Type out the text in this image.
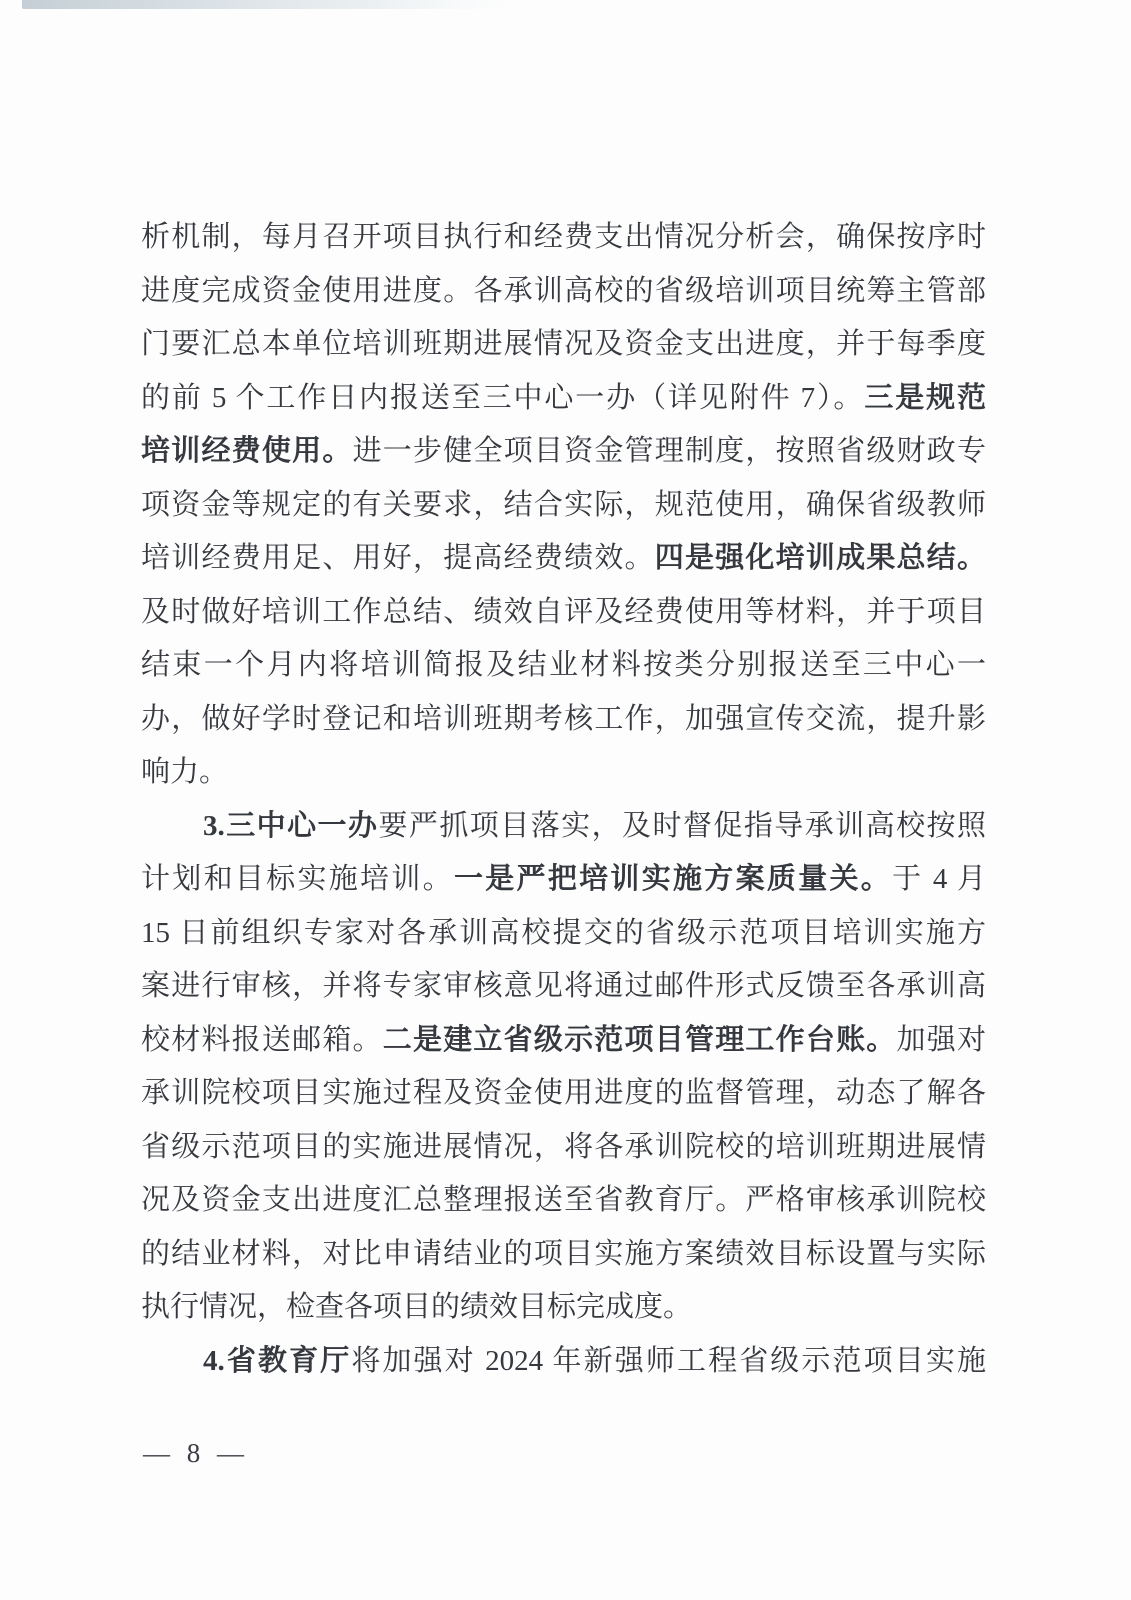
析机制，每月召开项目执行和经费支出情况分析会，确保按序时
进度完成资金使用进度。各承训高校的省级培训项目统筹主管部
门要汇总本单位培训班期进展情况及资金支出进度，并于每季度
的前 5 个工作日内报送至三中心一办（详见附件 7）。三是规范
培训经费使用。进一步健全项目资金管理制度，按照省级财政专
项资金等规定的有关要求，结合实际，规范使用，确保省级教师
培训经费用足、用好，提高经费绩效。四是强化培训成果总结。
及时做好培训工作总结、绩效自评及经费使用等材料，并于项目
结束一个月内将培训简报及结业材料按类分别报送至三中心一
办，做好学时登记和培训班期考核工作，加强宣传交流，提升影
响力。
3.三中心一办要严抓项目落实，及时督促指导承训高校按照
计划和目标实施培训。一是严把培训实施方案质量关。于 4 月
15 日前组织专家对各承训高校提交的省级示范项目培训实施方
案进行审核，并将专家审核意见将通过邮件形式反馈至各承训高
校材料报送邮箱。二是建立省级示范项目管理工作台账。加强对
承训院校项目实施过程及资金使用进度的监督管理，动态了解各
省级示范项目的实施进展情况，将各承训院校的培训班期进展情
况及资金支出进度汇总整理报送至省教育厅。严格审核承训院校
的结业材料，对比申请结业的项目实施方案绩效目标设置与实际
执行情况，检查各项目的绩效目标完成度。
4.省教育厅将加强对 2024 年新强师工程省级示范项目实施
— 8 —
